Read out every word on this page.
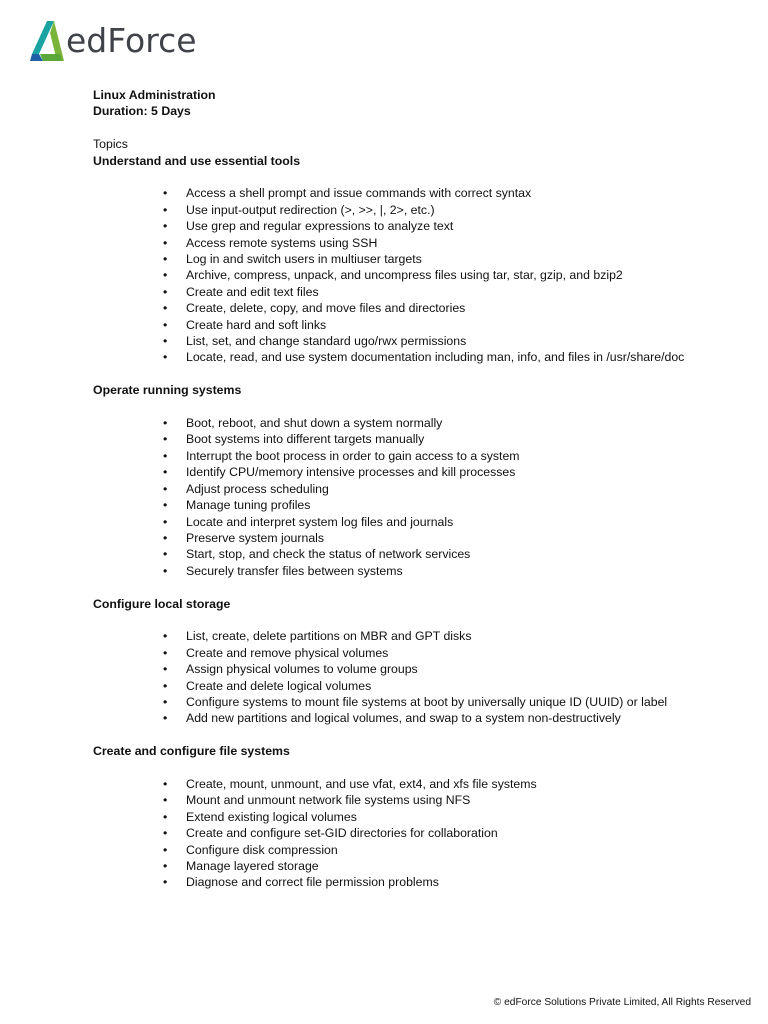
edForce
Linux Administration
Duration: 5 Days
Topics
Understand and use essential tools
• Access a shell prompt and issue commands with correct syntax
• Use input-output redirection (>, >>, |, 2>, etc.)
• Use grep and regular expressions to analyze text
• Access remote systems using SSH
• Log in and switch users in multiuser targets
• Archive, compress, unpack, and uncompress files using tar, star, gzip, and bzip2
• Create and edit text files
• Create, delete, copy, and move files and directories
• Create hard and soft links
• List, set, and change standard ugo/rwx permissions
• Locate, read, and use system documentation including man, info, and files in /usr/share/doc
Operate running systems
• Boot, reboot, and shut down a system normally
• Boot systems into different targets manually
• Interrupt the boot process in order to gain access to a system
• Identify CPU/memory intensive processes and kill processes
• Adjust process scheduling
• Manage tuning profiles
• Locate and interpret system log files and journals
• Preserve system journals
• Start, stop, and check the status of network services
• Securely transfer files between systems
Configure local storage
• List, create, delete partitions on MBR and GPT disks
• Create and remove physical volumes
• Assign physical volumes to volume groups
• Create and delete logical volumes
• Configure systems to mount file systems at boot by universally unique ID (UUID) or label
• Add new partitions and logical volumes, and swap to a system non-destructively
Create and configure file systems
• Create, mount, unmount, and use vfat, ext4, and xfs file systems
• Mount and unmount network file systems using NFS
• Extend existing logical volumes
• Create and configure set-GID directories for collaboration
• Configure disk compression
• Manage layered storage
• Diagnose and correct file permission problems
© edForce Solutions Private Limited, All Rights Reserved
